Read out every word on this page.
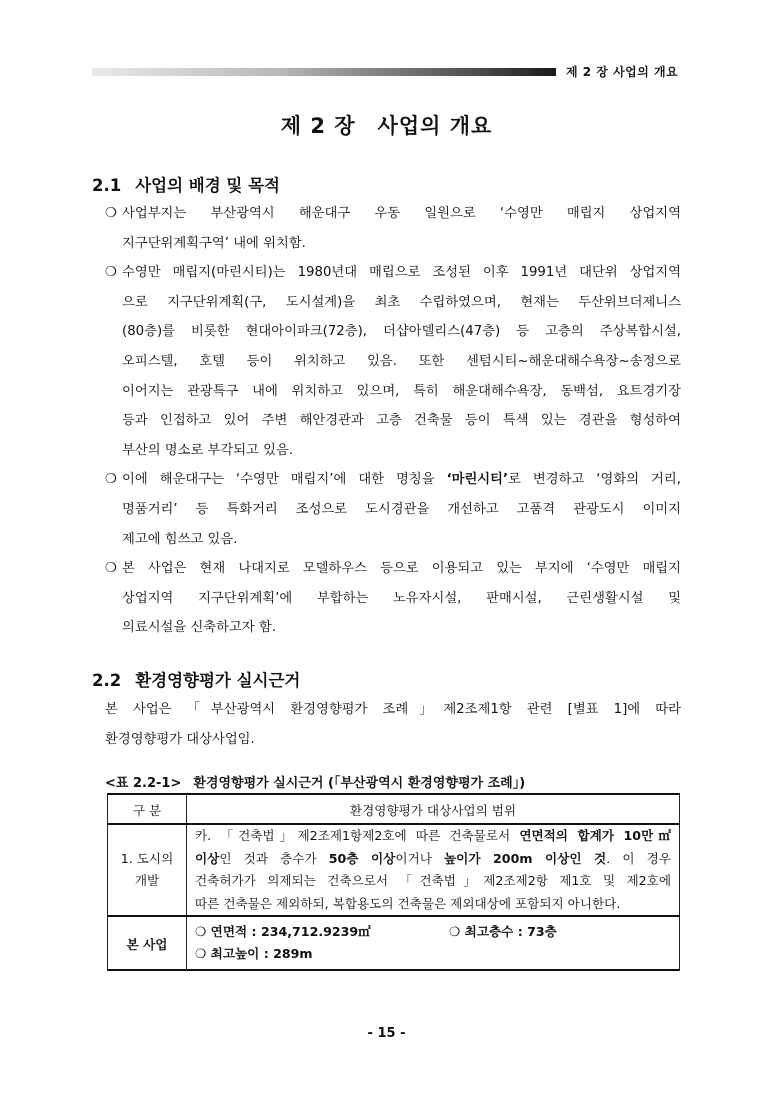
제 2 장 사업의 개요
제 2 장 사업의 개요
2.1 사업의 배경 및 목적
❍ 사업부지는 부산광역시 해운대구 우동 일원으로 ‘수영만 매립지 상업지역
지구단위계획구역’ 내에 위치함.
❍ 수영만 매립지(마린시티)는 1980년대 매립으로 조성된 이후 1991년 대단위 상업지역
으로 지구단위계획(구, 도시설계)을 최초 수립하였으며, 현재는 두산위브더제니스
(80층)를 비롯한 현대아이파크(72층), 더샵아델리스(47층) 등 고층의 주상복합시설,
오피스텔, 호텔 등이 위치하고 있음. 또한 센텀시티~해운대해수욕장~송정으로
이어지는 관광특구 내에 위치하고 있으며, 특히 해운대해수욕장, 동백섬, 요트경기장
등과 인접하고 있어 주변 해안경관과 고층 건축물 등이 특색 있는 경관을 형성하여
부산의 명소로 부각되고 있음.
❍ 이에 해운대구는 ‘수영만 매립지’에 대한 명칭을 ‘마린시티’로 변경하고 ‘영화의 거리,
명품거리’ 등 특화거리 조성으로 도시경관을 개선하고 고품격 관광도시 이미지
제고에 힘쓰고 있음.
❍ 본 사업은 현재 나대지로 모델하우스 등으로 이용되고 있는 부지에 ‘수영만 매립지
상업지역 지구단위계획’에 부합하는 노유자시설, 판매시설, 근린생활시설 및
의료시설을 신축하고자 함.
2.2 환경영향평가 실시근거
본 사업은 「부산광역시 환경영향평가 조례」제2조제1항 관련 [별표 1]에 따라
환경영향평가 대상사업임.
<표 2.2-1> 환경영향평가 실시근거 (「부산광역시 환경영향평가 조례」)
구 분	환경영향평가 대상사업의 범위
1. 도시의 개발	카. 「건축법」제2조제1항제2호에 따른 건축물로서 연면적의 합계가 10만㎡
이상인 것과 층수가 50층 이상이거나 높이가 200m 이상인 것. 이 경우
건축허가가 의제되는 건축으로서 「건축법」제2조제2항 제1호 및 제2호에
따른 건축물은 제외하되, 복합용도의 건축물은 제외대상에 포함되지 아니한다.

본 사업	❍ 연면적 : 234,712.9239㎡ ❍ 최고층수 : 73층
❍ 최고높이 : 289m
- 15 -
